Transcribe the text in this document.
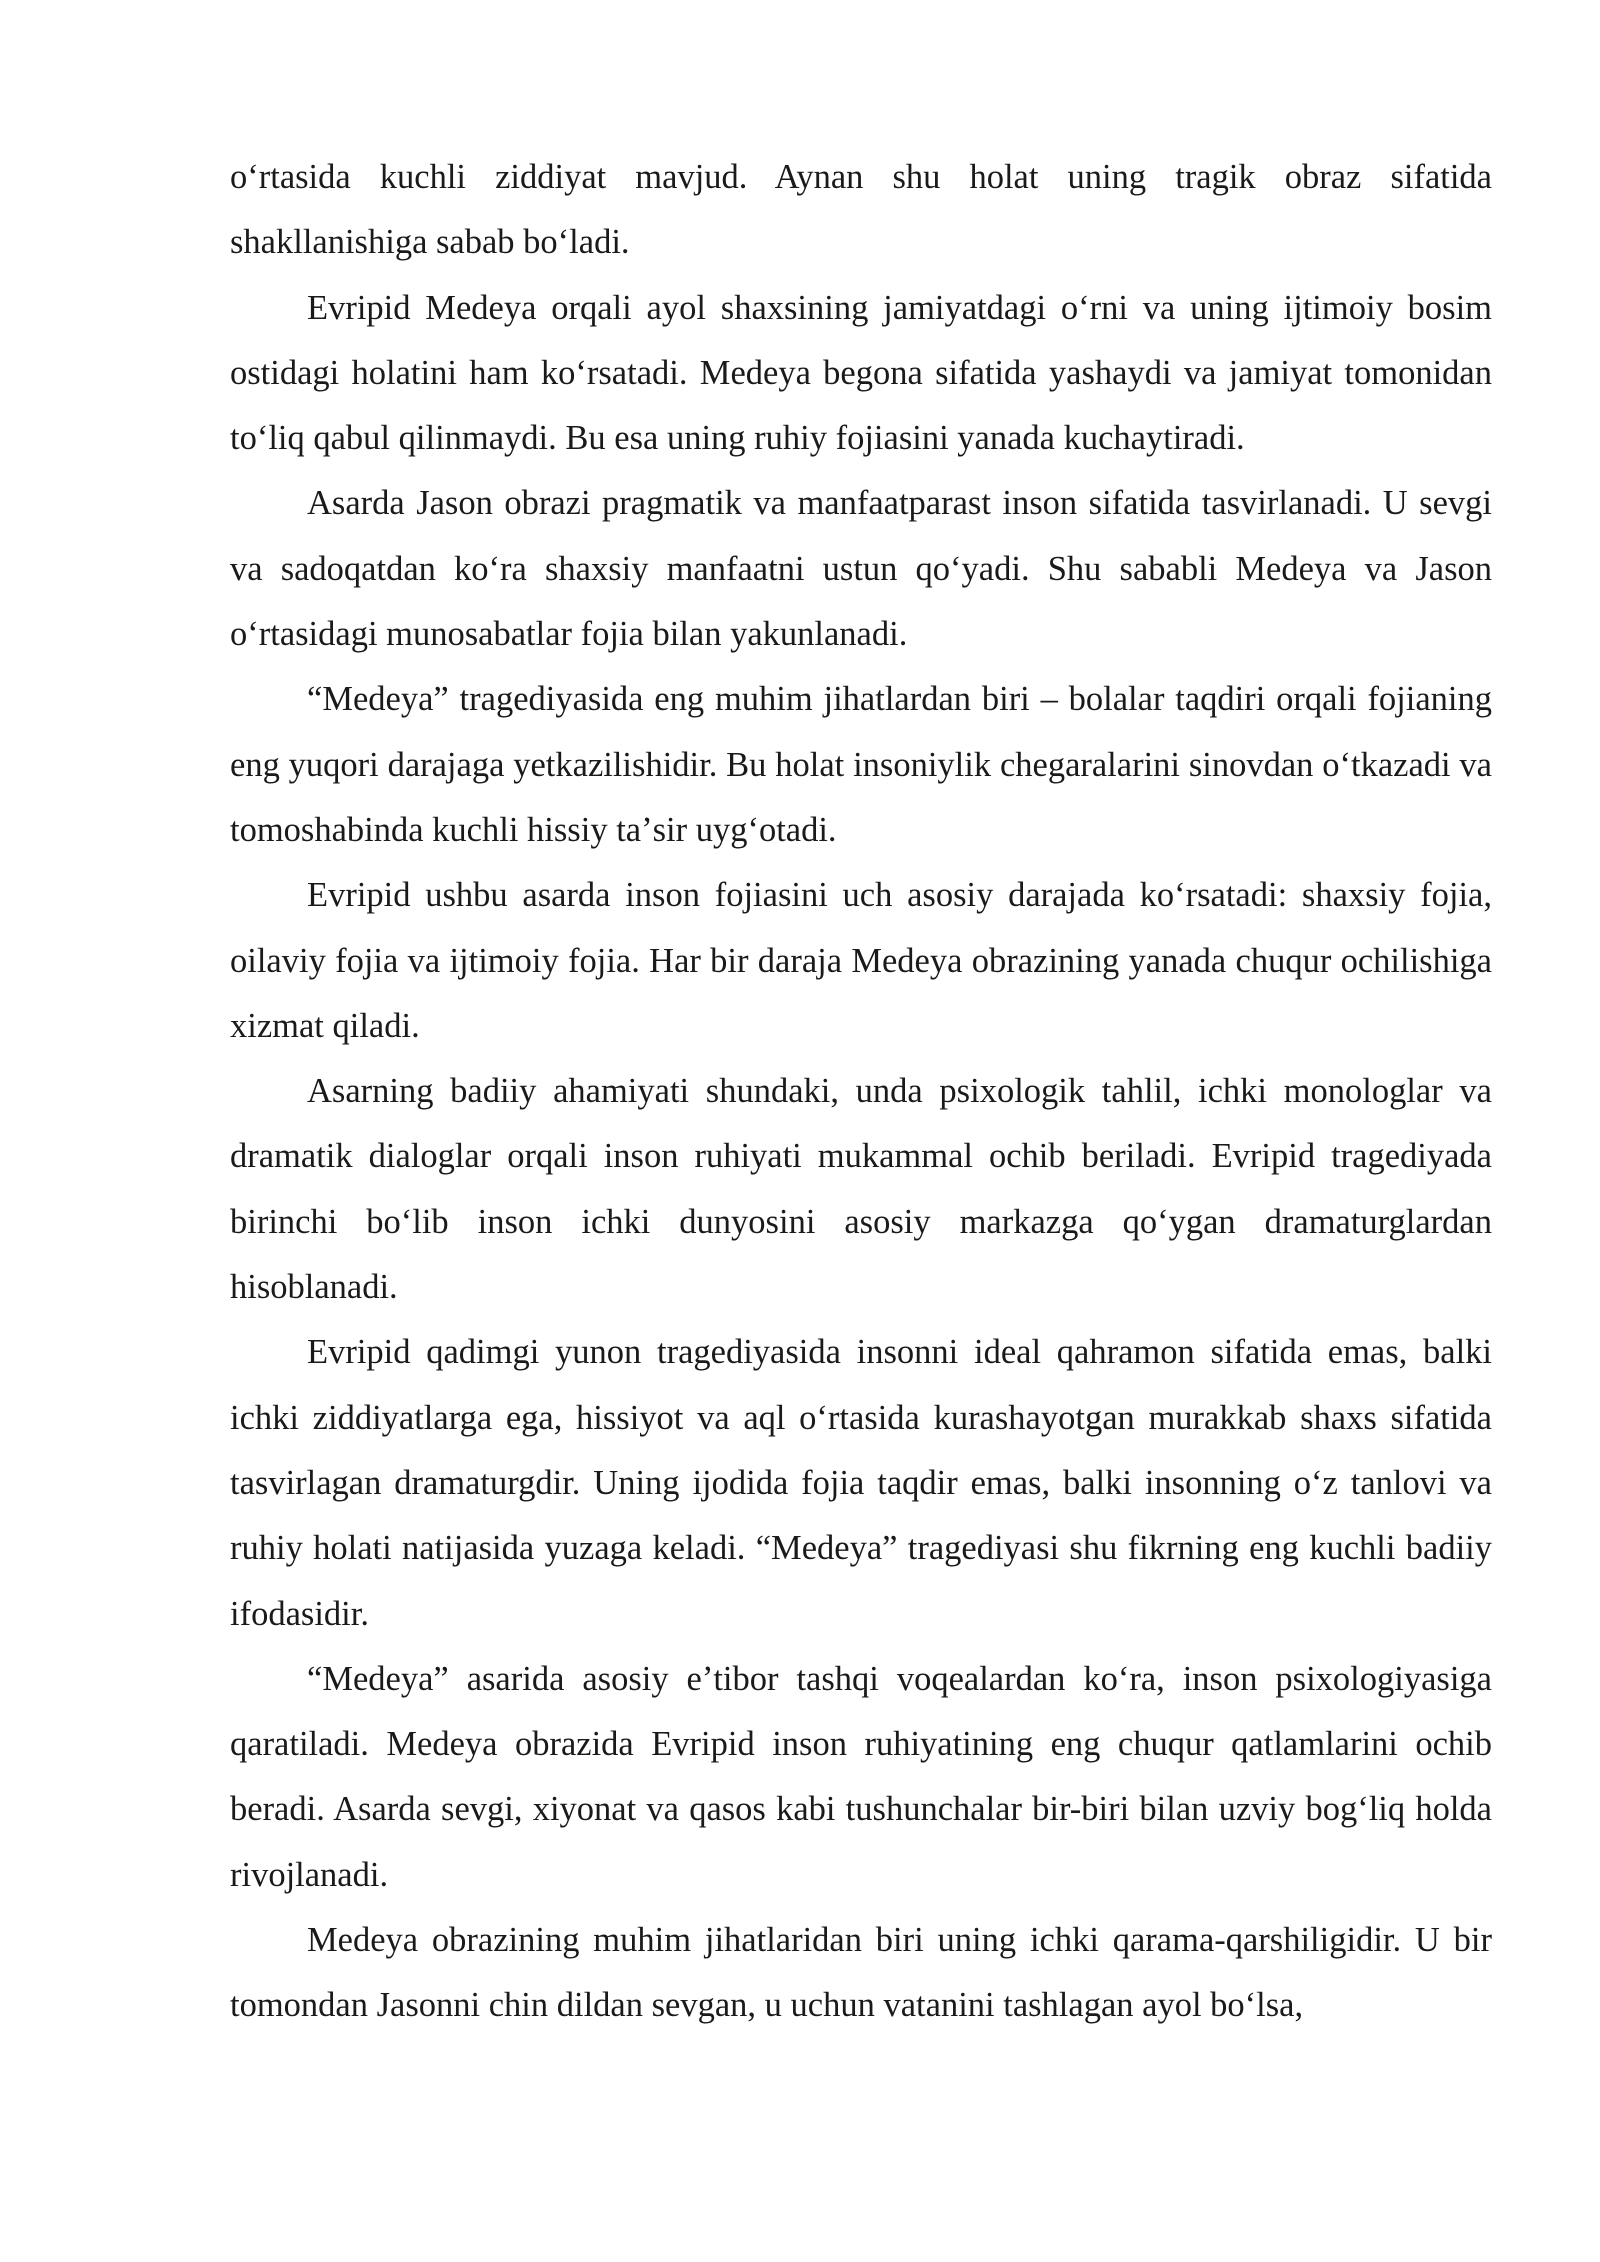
oʻrtasida kuchli ziddiyat mavjud. Aynan shu holat uning tragik obraz sifatida shakllanishiga sabab boʻladi.

Evripid Medeya orqali ayol shaxsining jamiyatdagi oʻrni va uning ijtimoiy bosim ostidagi holatini ham koʻrsatadi. Medeya begona sifatida yashaydi va jamiyat tomonidan toʻliq qabul qilinmaydi. Bu esa uning ruhiy fojiasini yanada kuchaytiradi.

Asarda Jason obrazi pragmatik va manfaatparast inson sifatida tasvirlanadi. U sevgi va sadoqatdan koʻra shaxsiy manfaatni ustun qoʻyadi. Shu sababli Medeya va Jason oʻrtasidagi munosabatlar fojia bilan yakunlanadi.

“Medeya” tragediyasida eng muhim jihatlardan biri – bolalar taqdiri orqali fojianing eng yuqori darajaga yetkazilishidir. Bu holat insoniylik chegaralarini sinovdan oʻtkazadi va tomoshabinda kuchli hissiy taʼsir uygʻotadi.

Evripid ushbu asarda inson fojiasini uch asosiy darajada koʻrsatadi: shaxsiy fojia, oilaviy fojia va ijtimoiy fojia. Har bir daraja Medeya obrazining yanada chuqur ochilishiga xizmat qiladi.

Asarning badiiy ahamiyati shundaki, unda psixologik tahlil, ichki monologlar va dramatik dialoglar orqali inson ruhiyati mukammal ochib beriladi. Evripid tragediyada birinchi boʻlib inson ichki dunyosini asosiy markazga qoʻygan dramaturglardan hisoblanadi.

Evripid qadimgi yunon tragediyasida insonni ideal qahramon sifatida emas, balki ichki ziddiyatlarga ega, hissiyot va aql oʻrtasida kurashayotgan murakkab shaxs sifatida tasvirlagan dramaturgdir. Uning ijodida fojia taqdir emas, balki insonning oʻz tanlovi va ruhiy holati natijasida yuzaga keladi. “Medeya” tragediyasi shu fikrning eng kuchli badiiy ifodasidir.

“Medeya” asarida asosiy eʼtibor tashqi voqealardan koʻra, inson psixologiyasiga qaratiladi. Medeya obrazida Evripid inson ruhiyatining eng chuqur qatlamlarini ochib beradi. Asarda sevgi, xiyonat va qasos kabi tushunchalar bir-biri bilan uzviy bogʻliq holda rivojlanadi.

Medeya obrazining muhim jihatlaridan biri uning ichki qarama-qarshiligidir. U bir tomondan Jasonni chin dildan sevgan, u uchun vatanini tashlagan ayol boʻlsa,
